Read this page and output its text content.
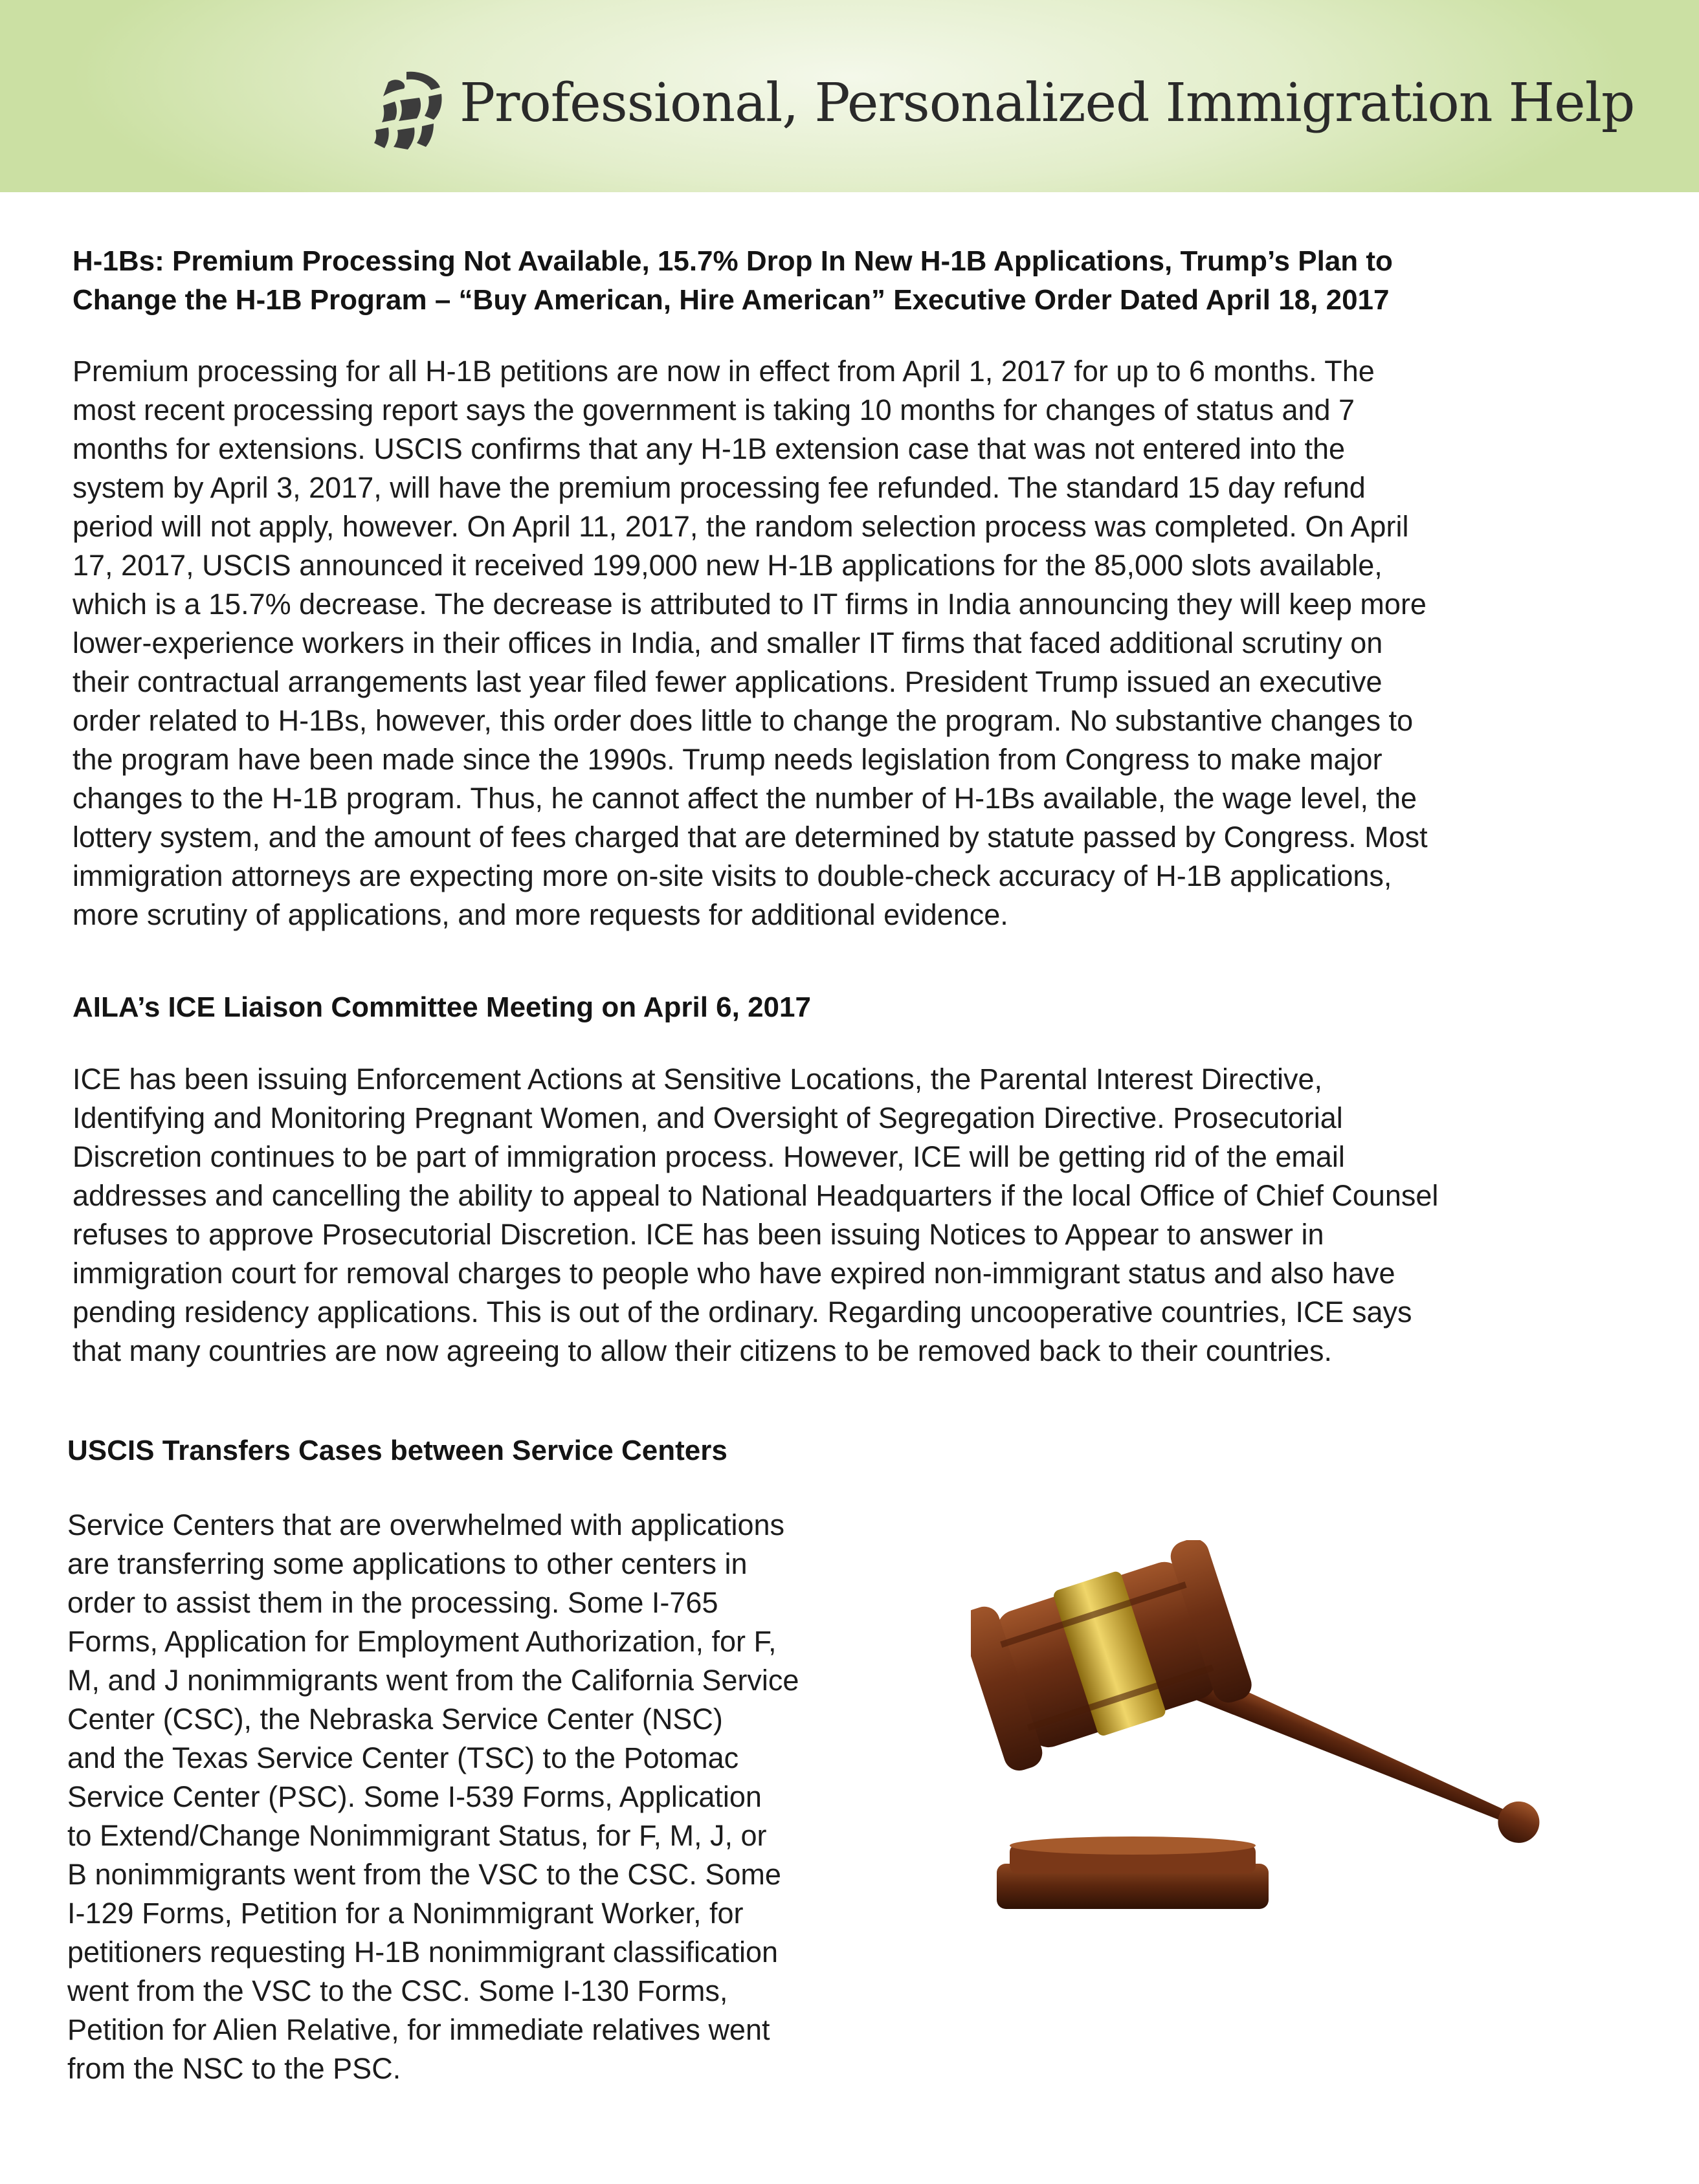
Professional, Personalized Immigration Help

H-1Bs: Premium Processing Not Available, 15.7% Drop In New H-1B Applications, Trump’s Plan to

Change the H-1B Program – “Buy American, Hire American” Executive Order Dated April 18, 2017

Premium processing for all H-1B petitions are now in effect from April 1, 2017 for up to 6 months. The

most recent processing report says the government is taking 10 months for changes of status and 7

months for extensions. USCIS confirms that any H-1B extension case that was not entered into the

system by April 3, 2017, will have the premium processing fee refunded. The standard 15 day refund

period will not apply, however. On April 11, 2017, the random selection process was completed. On April

17, 2017, USCIS announced it received 199,000 new H-1B applications for the 85,000 slots available,

which is a 15.7% decrease. The decrease is attributed to IT firms in India announcing they will keep more

lower-experience workers in their offices in India, and smaller IT firms that faced additional scrutiny on

their contractual arrangements last year filed fewer applications. President Trump issued an executive

order related to H-1Bs, however, this order does little to change the program. No substantive changes to

the program have been made since the 1990s. Trump needs legislation from Congress to make major

changes to the H-1B program. Thus, he cannot affect the number of H-1Bs available, the wage level, the

lottery system, and the amount of fees charged that are determined by statute passed by Congress. Most

immigration attorneys are expecting more on-site visits to double-check accuracy of H-1B applications,

more scrutiny of applications, and more requests for additional evidence.

AILA’s ICE Liaison Committee Meeting on April 6, 2017

ICE has been issuing Enforcement Actions at Sensitive Locations, the Parental Interest Directive,

Identifying and Monitoring Pregnant Women, and Oversight of Segregation Directive. Prosecutorial

Discretion continues to be part of immigration process. However, ICE will be getting rid of the email

addresses and cancelling the ability to appeal to National Headquarters if the local Office of Chief Counsel

refuses to approve Prosecutorial Discretion. ICE has been issuing Notices to Appear to answer in

immigration court for removal charges to people who have expired non-immigrant status and also have

pending residency applications. This is out of the ordinary. Regarding uncooperative countries, ICE says

that many countries are now agreeing to allow their citizens to be removed back to their countries.

USCIS Transfers Cases between Service Centers

Service Centers that are overwhelmed with applications

are transferring some applications to other centers in

order to assist them in the processing. Some I-765

Forms, Application for Employment Authorization, for F,

M, and J nonimmigrants went from the California Service

Center (CSC), the Nebraska Service Center (NSC)

and the Texas Service Center (TSC) to the Potomac

Service Center (PSC). Some I-539 Forms, Application

to Extend/Change Nonimmigrant Status, for F, M, J, or

B nonimmigrants went from the VSC to the CSC. Some

I-129 Forms, Petition for a Nonimmigrant Worker, for

petitioners requesting H-1B nonimmigrant classification

went from the VSC to the CSC. Some I-130 Forms,

Petition for Alien Relative, for immediate relatives went

from the NSC to the PSC.
